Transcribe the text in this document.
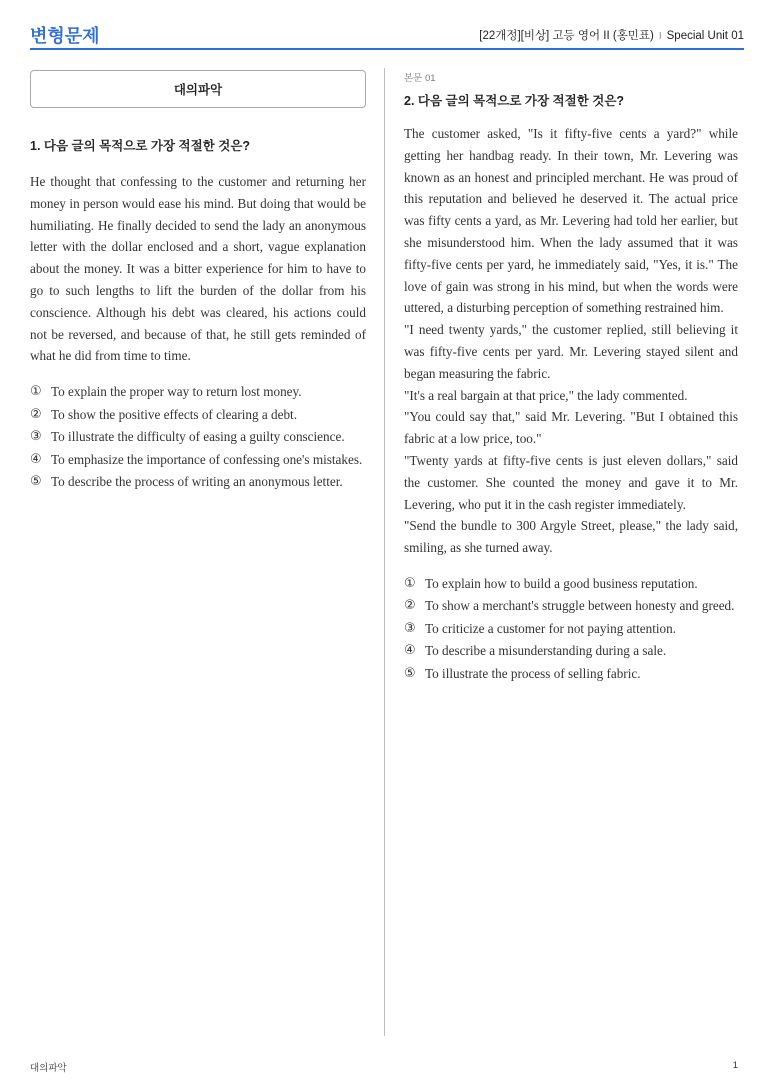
변형문제	[22개정][비상] 고등 영어 II (홍민표) I Special Unit 01
대의파악
1. 다음 글의 목적으로 가장 적절한 것은?

He thought that confessing to the customer and returning her money in person would ease his mind. But doing that would be humiliating. He finally decided to send the lady an anonymous letter with the dollar enclosed and a short, vague explanation about the money. It was a bitter experience for him to have to go to such lengths to lift the burden of the dollar from his conscience. Although his debt was cleared, his actions could not be reversed, and because of that, he still gets reminded of what he did from time to time.

① To explain the proper way to return lost money.
② To show the positive effects of clearing a debt.
③ To illustrate the difficulty of easing a guilty conscience.
④ To emphasize the importance of confessing one's mistakes.
⑤ To describe the process of writing an anonymous letter.
본문 01
2. 다음 글의 목적으로 가장 적절한 것은?

The customer asked, "Is it fifty-five cents a yard?" while getting her handbag ready. In their town, Mr. Levering was known as an honest and principled merchant. He was proud of this reputation and believed he deserved it. The actual price was fifty cents a yard, as Mr. Levering had told her earlier, but she misunderstood him. When the lady assumed that it was fifty-five cents per yard, he immediately said, "Yes, it is." The love of gain was strong in his mind, but when the words were uttered, a disturbing perception of something restrained him.

"I need twenty yards," the customer replied, still believing it was fifty-five cents per yard. Mr. Levering stayed silent and began measuring the fabric.

"It's a real bargain at that price," the lady commented.

"You could say that," said Mr. Levering. "But I obtained this fabric at a low price, too."

"Twenty yards at fifty-five cents is just eleven dollars," said the customer. She counted the money and gave it to Mr. Levering, who put it in the cash register immediately.

"Send the bundle to 300 Argyle Street, please," the lady said, smiling, as she turned away.

① To explain how to build a good business reputation.
② To show a merchant's struggle between honesty and greed.
③ To criticize a customer for not paying attention.
④ To describe a misunderstanding during a sale.
⑤ To illustrate the process of selling fabric.
대의파악	1
